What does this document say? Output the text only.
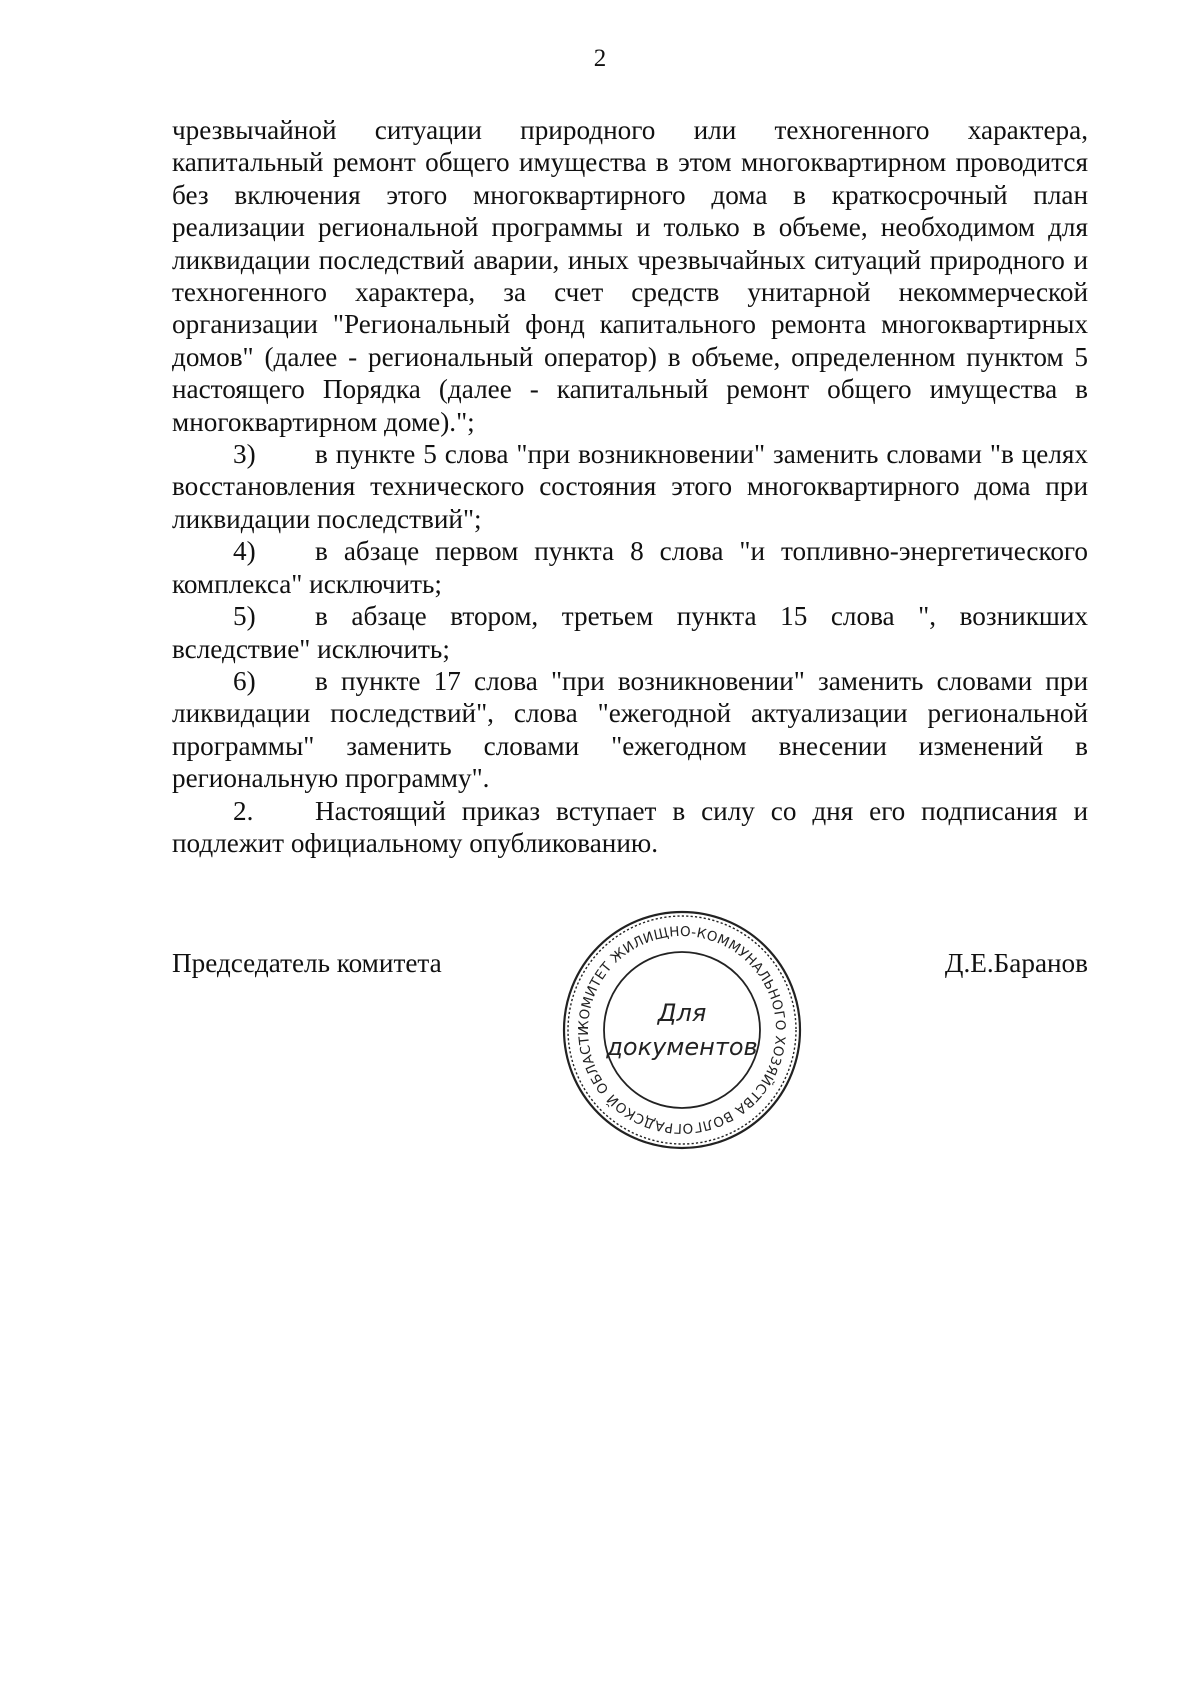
2

чрезвычайной ситуации природного или техногенного характера, капитальный ремонт общего имущества в этом многоквартирном проводится без включения этого многоквартирного дома в краткосрочный план реализации региональной программы и только в объеме, необходимом для ликвидации последствий аварии, иных чрезвычайных ситуаций природного и техногенного характера, за счет средств унитарной некоммерческой организации "Региональный фонд капитального ремонта многоквартирных домов" (далее - региональный оператор) в объеме, определенном пунктом 5 настоящего Порядка (далее - капитальный ремонт общего имущества в многоквартирном доме).";

3) в пункте 5 слова "при возникновении" заменить словами "в целях восстановления технического состояния этого многоквартирного дома при ликвидации последствий";

4) в абзаце первом пункта 8 слова "и топливно-энергетического комплекса" исключить;

5) в абзаце втором, третьем пункта 15 слова ", возникших вследствие" исключить;

6) в пункте 17 слова "при возникновении" заменить словами при ликвидации последствий", слова "ежегодной актуализации региональной программы" заменить словами "ежегодном внесении изменений в региональную программу".

2. Настоящий приказ вступает в силу со дня его подписания и подлежит официальному опубликованию.

Председатель комитета	Д.Е.Баранов
КОМИТЕТ ЖИЛИЩНО-КОММУНАЛЬНОГО ХОЗЯЙСТВА ВОЛГОГРАДСКОЙ ОБЛАСТИ
Для
документов
